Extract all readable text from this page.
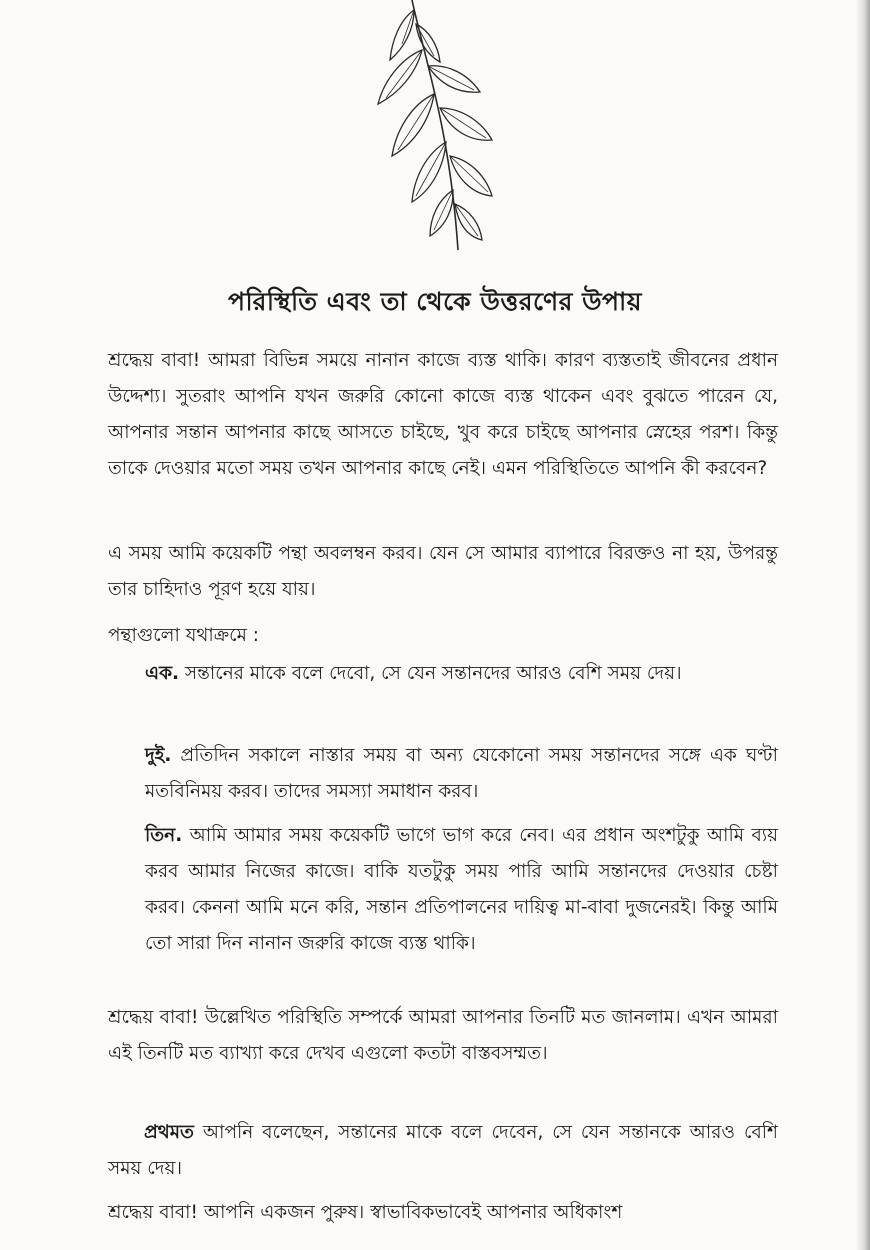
পরিস্থিতি এবং তা থেকে উত্তরণের উপায়

শ্রদ্ধেয় বাবা! আমরা বিভিন্ন সময়ে নানান কাজে ব্যস্ত থাকি। কারণ ব্যস্ততাই জীবনের প্রধান উদ্দেশ্য। সুতরাং আপনি যখন জরুরি কোনো কাজে ব্যস্ত থাকেন এবং বুঝতে পারেন যে, আপনার সন্তান আপনার কাছে আসতে চাইছে, খুব করে চাইছে আপনার স্নেহের পরশ। কিন্তু তাকে দেওয়ার মতো সময় তখন আপনার কাছে নেই। এমন পরিস্থিতিতে আপনি কী করবেন?

এ সময় আমি কয়েকটি পন্থা অবলম্বন করব। যেন সে আমার ব্যাপারে বিরক্তও না হয়, উপরন্তু তার চাহিদাও পূরণ হয়ে যায়।

পন্থাগুলো যথাক্রমে :

এক. সন্তানের মাকে বলে দেবো, সে যেন সন্তানদের আরও বেশি সময় দেয়।

দুই. প্রতিদিন সকালে নাস্তার সময় বা অন্য যেকোনো সময় সন্তানদের সঙ্গে এক ঘণ্টা মতবিনিময় করব। তাদের সমস্যা সমাধান করব।

তিন. আমি আমার সময় কয়েকটি ভাগে ভাগ করে নেব। এর প্রধান অংশটুকু আমি ব্যয় করব আমার নিজের কাজে। বাকি যতটুকু সময় পারি আমি সন্তানদের দেওয়ার চেষ্টা করব। কেননা আমি মনে করি, সন্তান প্রতিপালনের দায়িত্ব মা-বাবা দুজনেরই। কিন্তু আমি তো সারা দিন নানান জরুরি কাজে ব্যস্ত থাকি।

শ্রদ্ধেয় বাবা! উল্লেখিত পরিস্থিতি সম্পর্কে আমরা আপনার তিনটি মত জানলাম। এখন আমরা এই তিনটি মত ব্যাখ্যা করে দেখব এগুলো কতটা বাস্তবসম্মত।

প্রথমত আপনি বলেছেন, সন্তানের মাকে বলে দেবেন, সে যেন সন্তানকে আরও বেশি সময় দেয়।

শ্রদ্ধেয় বাবা! আপনি একজন পুরুষ। স্বাভাবিকভাবেই আপনার অধিকাংশ
